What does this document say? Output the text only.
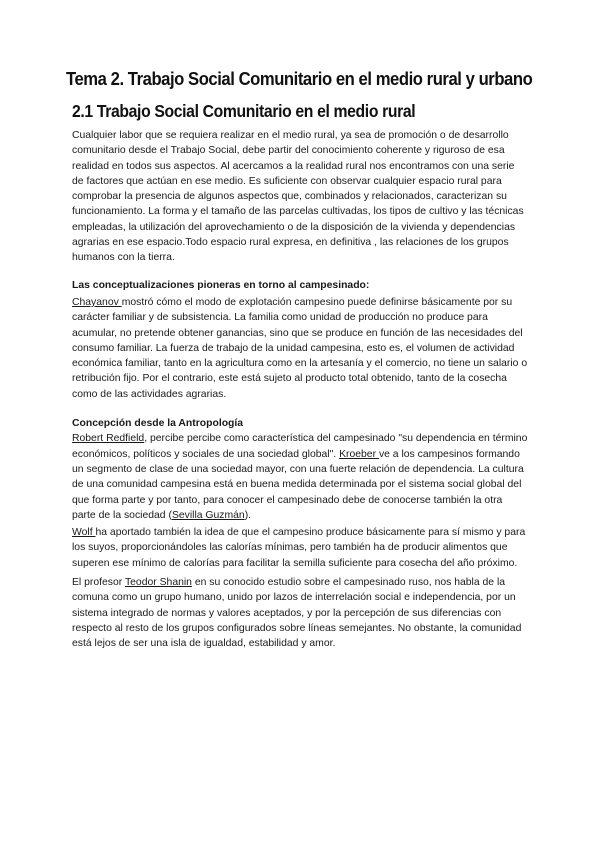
Tema 2. Trabajo Social Comunitario en el medio rural y urbano
2.1 Trabajo Social Comunitario en el medio rural

Cualquier labor que se requiera realizar en el medio rural, ya sea de promoción o de desarrollo comunitario desde el Trabajo Social, debe partir del conocimiento coherente y riguroso de esa realidad en todos sus aspectos. Al acercamos a la realidad rural nos encontramos con una serie de factores que actúan en ese medio. Es suficiente con observar cualquier espacio rural para comprobar la presencia de algunos aspectos que, combinados y relacionados, caracterizan su funcionamiento. La forma y el tamaño de las parcelas cultivadas, los tipos de cultivo y las técnicas empleadas, la utilización del aprovechamiento o de la disposición de la vivienda y dependencias agrarias en ese espacio.Todo espacio rural expresa, en definitiva , las relaciones de los grupos humanos con la tierra.

Las conceptualizaciones pioneras en torno al campesinado:

Chayanov mostró cómo el modo de explotación campesino puede definirse básicamente por su carácter familiar y de subsistencia. La familia como unidad de producción no produce para acumular, no pretende obtener ganancias, sino que se produce en función de las necesidades del consumo familiar. La fuerza de trabajo de la unidad campesina, esto es, el volumen de actividad económica familiar, tanto en la agricultura como en la artesanía y el comercio, no tiene un salario o retribución fijo. Por el contrario, este está sujeto al producto total obtenido, tanto de la cosecha como de las actividades agrarias.

Concepción desde la Antropología

Robert Redfield, percibe percibe como característica del campesinado "su dependencia en término económicos, políticos y sociales de una sociedad global". Kroeber ve a los campesinos formando un segmento de clase de una sociedad mayor, con una fuerte relación de dependencia. La cultura de una comunidad campesina está en buena medida determinada por el sistema social global del que forma parte y por tanto, para conocer el campesinado debe de conocerse también la otra parte de la sociedad (Sevilla Guzmán).

Wolf ha aportado también la idea de que el campesino produce básicamente para sí mismo y para los suyos, proporcionándoles las calorías mínimas, pero también ha de producir alimentos que superen ese mínimo de calorías para facilitar la semilla suficiente para cosecha del año próximo.

El profesor Teodor Shanin en su conocido estudio sobre el campesinado ruso, nos habla de la comuna como un grupo humano, unido por lazos de interrelación social e independencia, por un sistema integrado de normas y valores aceptados, y por la percepción de sus diferencias con respecto al resto de los grupos configurados sobre líneas semejantes. No obstante, la comunidad está lejos de ser una isla de igualdad, estabilidad y amor.
